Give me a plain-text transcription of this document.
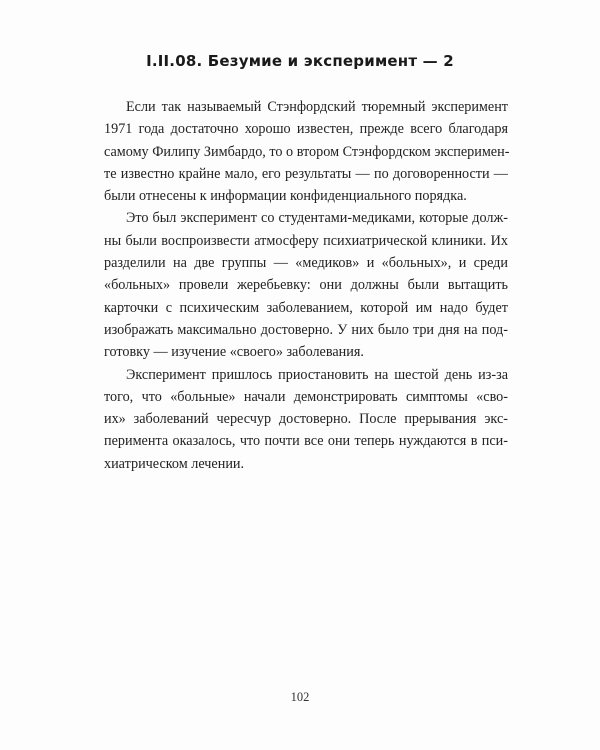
I.II.08. Безумие и эксперимент — 2

Если так называемый Стэнфордский тюремный эксперимент
1971 года достаточно хорошо известен, прежде всего благодаря
самому Филипу Зимбардо, то о втором Стэнфордском эксперимен-
те известно крайне мало, его результаты — по договоренности —
были отнесены к информации конфиденциального порядка.

Это был эксперимент со студентами-медиками, которые долж-
ны были воспроизвести атмосферу психиатрической клиники. Их
разделили на две группы — «медиков» и «больных», и среди
«больных» провели жеребьевку: они должны были вытащить
карточки с психическим заболеванием, которой им надо будет
изображать максимально достоверно. У них было три дня на под-
готовку — изучение «своего» заболевания.

Эксперимент пришлось приостановить на шестой день из-за
того, что «больные» начали демонстрировать симптомы «сво-
их» заболеваний чересчур достоверно. После прерывания экс-
перимента оказалось, что почти все они теперь нуждаются в пси-
хиатрическом лечении.

102
